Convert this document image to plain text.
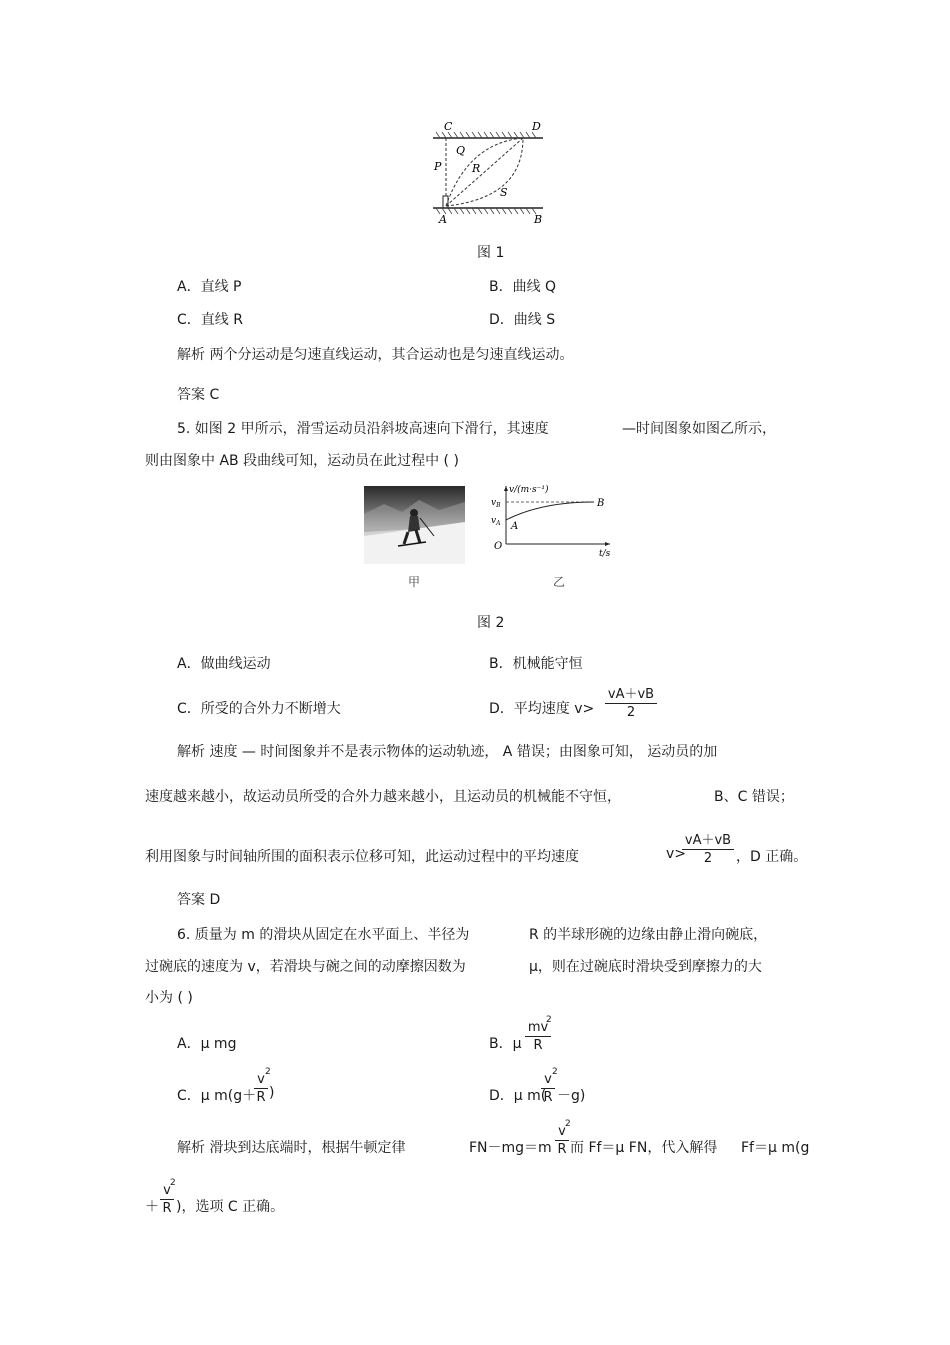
C	D
P
Q
R
S
A	B
图 1
A．直线 P	B．曲线 Q
C．直线 R	D．曲线 S
解析 两个分运动是匀速直线运动，其合运动也是匀速直线运动。
答案 C
5. 如图 2 甲所示，滑雪运动员沿斜坡高速向下滑行，其速度	—时间图象如图乙所示，
则由图象中 AB 段曲线可知，运动员在此过程中 ( )
甲
v/(m·s⁻¹)
$v_B$
$v_A$ A
B
O
t/s
乙
图 2
A．做曲线运动	B．机械能守恒
C．所受的合外力不断增大	D．平均速度 v>
vA＋vB
2
解析 速度 — 时间图象并不是表示物体的运动轨迹， A 错误；由图象可知， 运动员的加
速度越来越小，故运动员所受的合外力越来越小，且运动员的机械能不守恒，	B、C 错误；
利用图象与时间轴所围的面积表示位移可知，此运动过程中的平均速度	v>
vA＋vB
2	，D 正确。
答案 D
6. 质量为 m 的滑块从固定在水平面上、半径为	R 的半球形碗的边缘由静止滑向碗底，
过碗底的速度为 v，若滑块与碗之间的动摩擦因数为	μ，则在过碗底时滑块受到摩擦力的大
小为 ( )
A．μ mg	B．μ
mv
R
2
C．μ m(g＋
v
R
2
)	D．μ m(
v
R
2
－g)
解析 滑块到达底端时，根据牛顿定律	FN－mg＝m
v
R
2
而 Ff＝μ FN，代入解得 Ff＝μ m(g
＋
v
R
2
)，选项 C 正确。
